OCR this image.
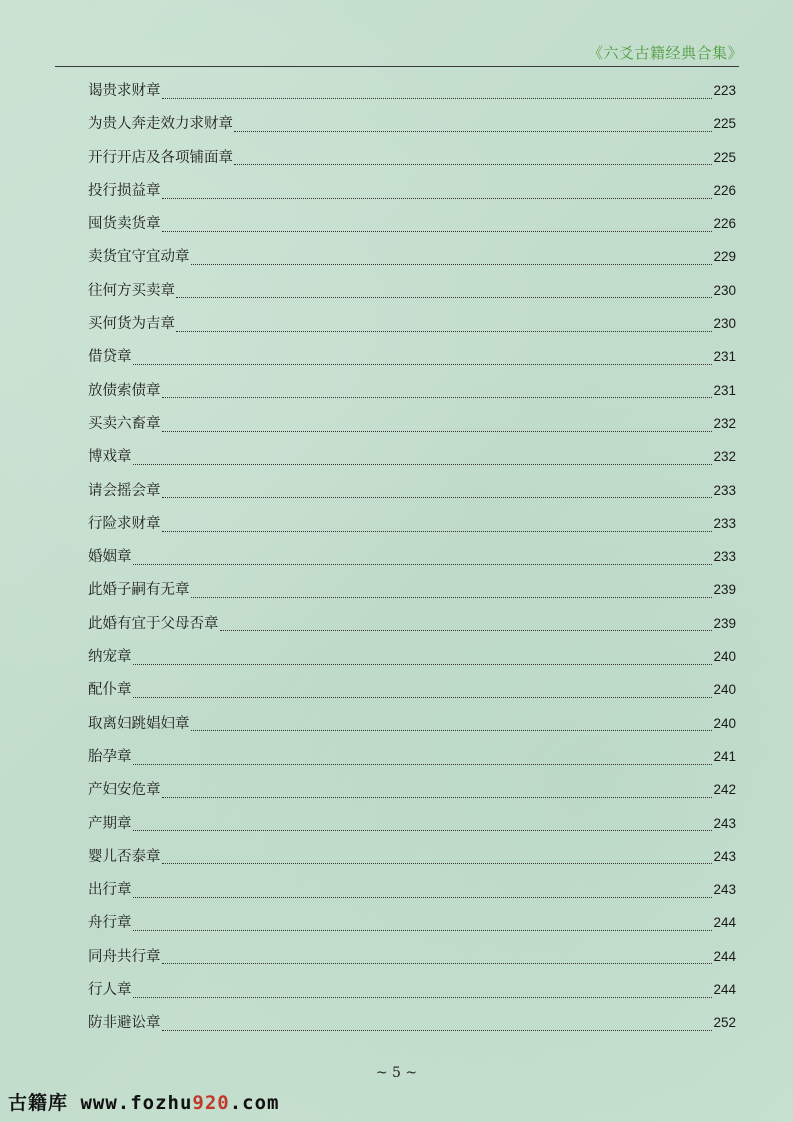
《六爻古籍经典合集》
谒贵求财章	223
为贵人奔走效力求财章	225
开行开店及各项铺面章	225
投行损益章	226
囤货卖货章	226
卖货宜守宜动章	229
往何方买卖章	230
买何货为吉章	230
借贷章	231
放债索债章	231
买卖六畜章	232
博戏章	232
请会摇会章	233
行险求财章	233
婚姻章	233
此婚子嗣有无章	239
此婚有宜于父母否章	239
纳宠章	240
配仆章	240
取离妇跳娼妇章	240
胎孕章	241
产妇安危章	242
产期章	243
婴儿否泰章	243
出行章	243
舟行章	244
同舟共行章	244
行人章	244
防非避讼章	252
~ 5 ~
古籍库 www.fozhu920.com
